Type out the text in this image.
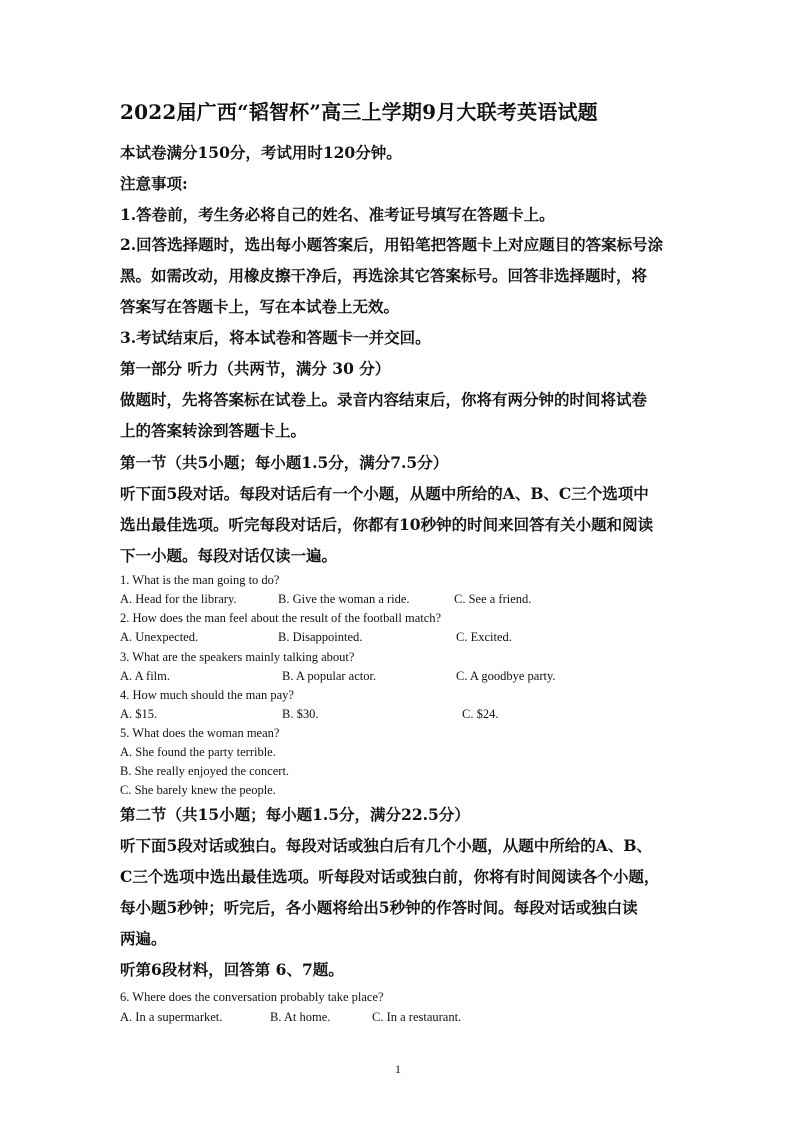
2022届广西“韬智杯”高三上学期9月大联考英语试题
本试卷满分150分，考试用时120分钟。
注意事项:
1.答卷前，考生务必将自己的姓名、准考证号填写在答题卡上。
2.回答选择题时，选出每小题答案后，用铅笔把答题卡上对应题目的答案标号涂
黑。如需改动，用橡皮擦干净后，再选涂其它答案标号。回答非选择题时，将
答案写在答题卡上，写在本试卷上无效。
3.考试结束后，将本试卷和答题卡一并交回。
第一部分 听力（共两节，满分 30 分）
做题时，先将答案标在试卷上。录音内容结束后，你将有两分钟的时间将试卷
上的答案转涂到答题卡上。
第一节（共5小题；每小题1.5分，满分7.5分）
听下面5段对话。每段对话后有一个小题，从题中所给的A、B、C三个选项中
选出最佳选项。听完每段对话后，你都有10秒钟的时间来回答有关小题和阅读
下一小题。每段对话仅读一遍。
1. What is the man going to do?
A. Head for the library.	B. Give the woman a ride.	C. See a friend.
2. How does the man feel about the result of the football match?
A. Unexpected.	B. Disappointed.	C. Excited.
3. What are the speakers mainly talking about?
A. A film.	B. A popular actor.	C. A goodbye party.
4. How much should the man pay?
A. $15.	B. $30.	C. $24.
5. What does the woman mean?
A. She found the party terrible.
B. She really enjoyed the concert.
C. She barely knew the people.
第二节（共15小题；每小题1.5分，满分22.5分）
听下面5段对话或独白。每段对话或独白后有几个小题，从题中所给的A、B、
C三个选项中选出最佳选项。听每段对话或独白前，你将有时间阅读各个小题，
每小题5秒钟；听完后，各小题将给出5秒钟的作答时间。每段对话或独白读
两遍。
听第6段材料，回答第 6、7题。
6. Where does the conversation probably take place?
A. In a supermarket.	B. At home.	C. In a restaurant.
1
